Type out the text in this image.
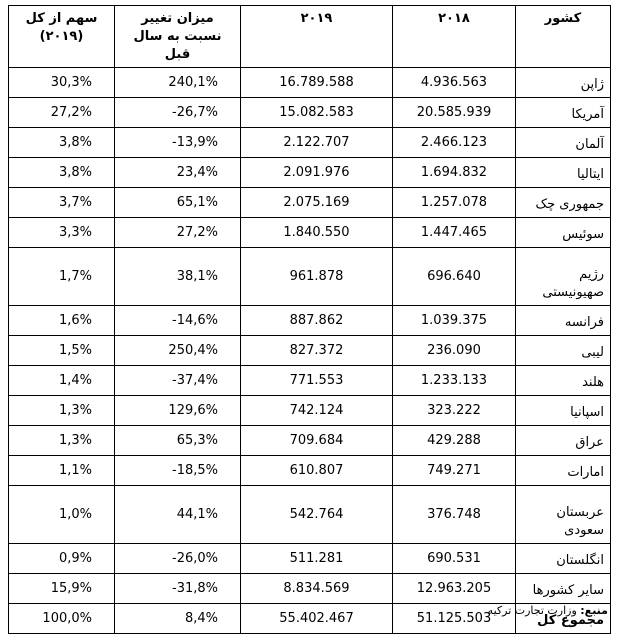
کشور	۲۰۱۸	۲۰۱۹	میزان تغییر نسبت به سال قبل	سهم از کل (۲۰۱۹)
ژاپن	4.936.563	16.789.588	240,1%	30,3%
آمریکا	20.585.939	15.082.583	-26,7%	27,2%
آلمان	2.466.123	2.122.707	-13,9%	3,8%
ایتالیا	1.694.832	2.091.976	23,4%	3,8%
جمهوری چک	1.257.078	2.075.169	65,1%	3,7%
سوئیس	1.447.465	1.840.550	27,2%	3,3%
رژیم صهیونیستی	696.640	961.878	38,1%	1,7%
فرانسه	1.039.375	887.862	-14,6%	1,6%
لیبی	236.090	827.372	250,4%	1,5%
هلند	1.233.133	771.553	-37,4%	1,4%
اسپانیا	323.222	742.124	129,6%	1,3%
عراق	429.288	709.684	65,3%	1,3%
امارات	749.271	610.807	-18,5%	1,1%
عربستان سعودی	376.748	542.764	44,1%	1,0%
انگلستان	690.531	511.281	-26,0%	0,9%
سایر کشورها	12.963.205	8.834.569	-31,8%	15,9%
مجموع کل	51.125.503	55.402.467	8,4%	100,0%	منبع: وزارت تجارت ترکیه
